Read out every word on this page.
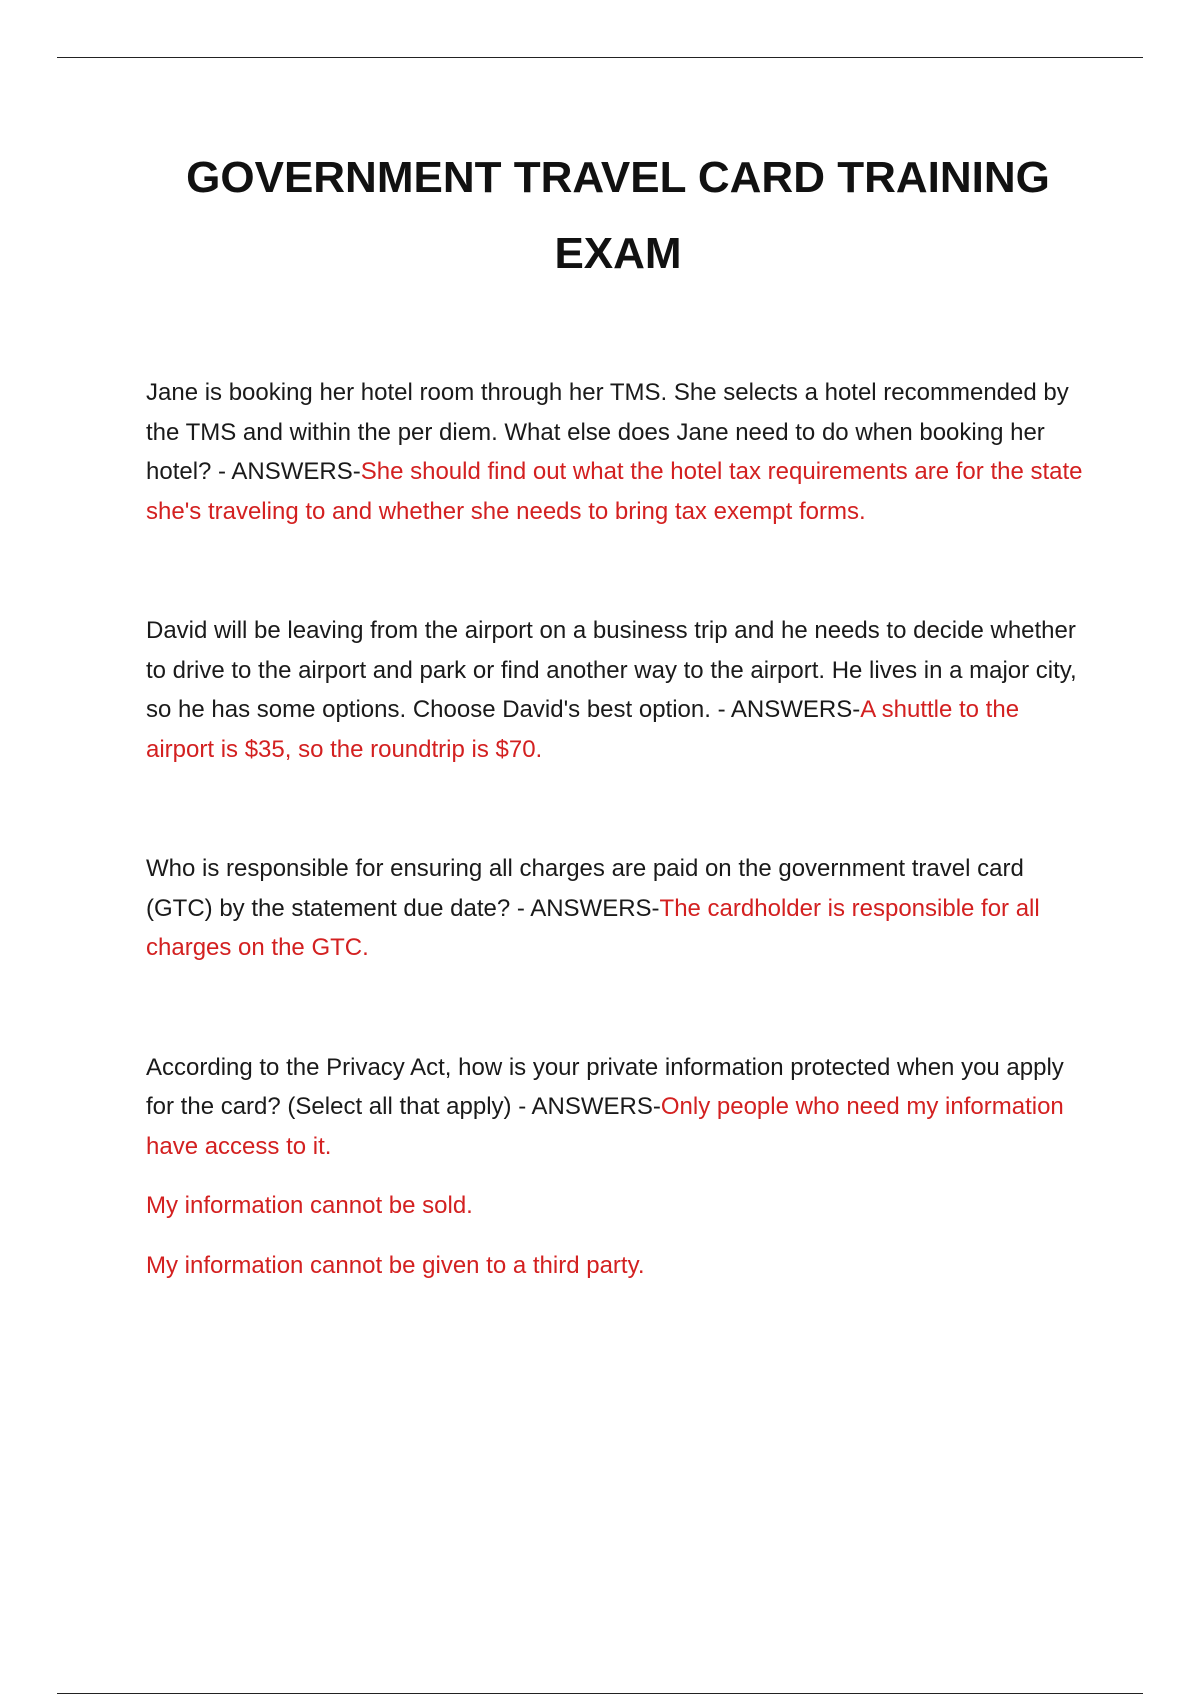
GOVERNMENT TRAVEL CARD TRAINING
EXAM

Jane is booking her hotel room through her TMS. She selects a hotel recommended by the TMS and within the per diem. What else does Jane need to do when booking her hotel? - ANSWERS-She should find out what the hotel tax requirements are for the state she's traveling to and whether she needs to bring tax exempt forms.

David will be leaving from the airport on a business trip and he needs to decide whether to drive to the airport and park or find another way to the airport. He lives in a major city, so he has some options. Choose David's best option. - ANSWERS-A shuttle to the airport is $35, so the roundtrip is $70.

Who is responsible for ensuring all charges are paid on the government travel card (GTC) by the statement due date? - ANSWERS-The cardholder is responsible for all charges on the GTC.

According to the Privacy Act, how is your private information protected when you apply for the card? (Select all that apply) - ANSWERS-Only people who need my information have access to it.

My information cannot be sold.

My information cannot be given to a third party.
